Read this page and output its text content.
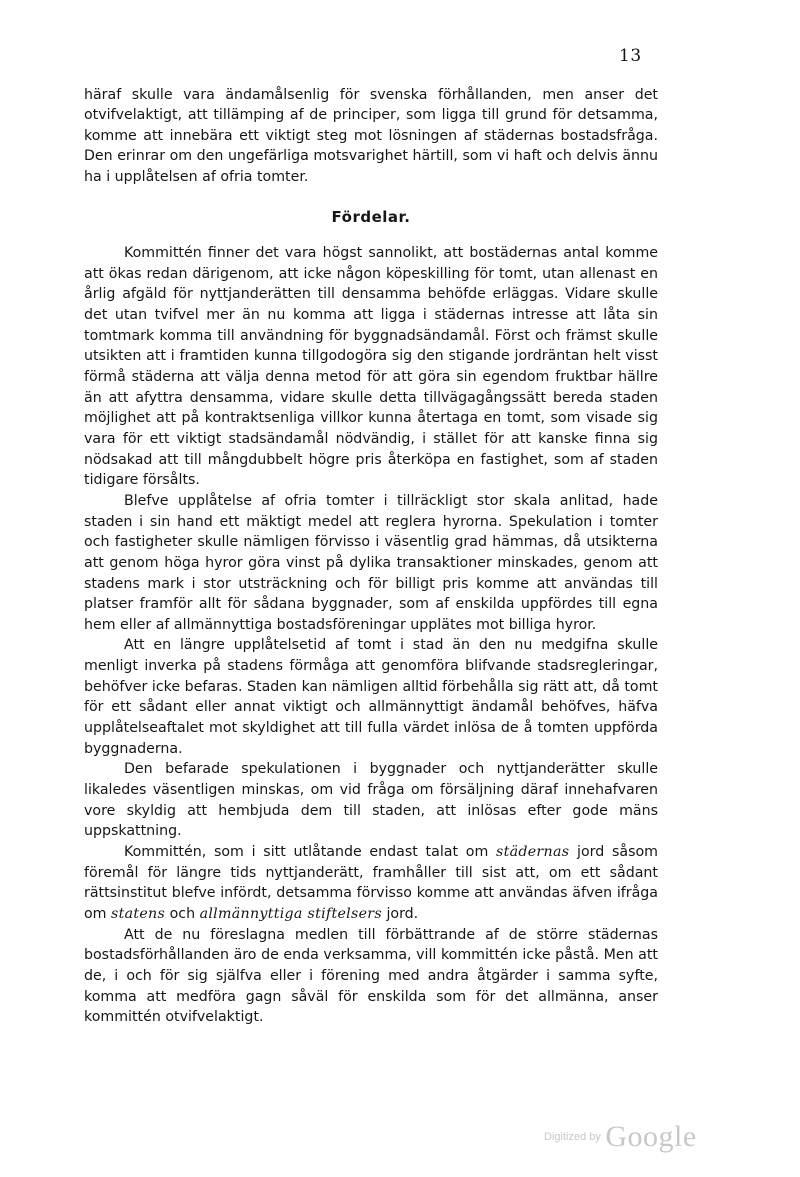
13

häraf skulle vara ändamålsenlig för svenska förhållanden, men anser det otvifvelaktigt, att tillämping af de principer, som ligga till grund för detsamma, komme att innebära ett viktigt steg mot lösningen af städernas bostadsfråga. Den erinrar om den ungefärliga motsvarighet härtill, som vi haft och delvis ännu ha i upplåtelsen af ofria tomter.

Fördelar.

Kommittén finner det vara högst sannolikt, att bostädernas antal komme att ökas redan därigenom, att icke någon köpeskilling för tomt, utan allenast en årlig afgäld för nyttjanderätten till densamma behöfde erläggas. Vidare skulle det utan tvifvel mer än nu komma att ligga i städernas intresse att låta sin tomtmark komma till användning för byggnadsändamål. Först och främst skulle utsikten att i framtiden kunna tillgodogöra sig den stigande jordräntan helt visst förmå städerna att välja denna metod för att göra sin egendom fruktbar hällre än att afyttra densamma, vidare skulle detta tillvägagångssätt bereda staden möjlighet att på kontraktsenliga villkor kunna återtaga en tomt, som visade sig vara för ett viktigt stadsändamål nödvändig, i stället för att kanske finna sig nödsakad att till mångdubbelt högre pris återköpa en fastighet, som af staden tidigare försålts.

Blefve upplåtelse af ofria tomter i tillräckligt stor skala anlitad, hade staden i sin hand ett mäktigt medel att reglera hyrorna. Spekulation i tomter och fastigheter skulle nämligen förvisso i väsentlig grad hämmas, då utsikterna att genom höga hyror göra vinst på dylika transaktioner minskades, genom att stadens mark i stor utsträckning och för billigt pris komme att användas till platser framför allt för sådana byggnader, som af enskilda uppfördes till egna hem eller af allmännyttiga bostadsföreningar upplätes mot billiga hyror.

Att en längre upplåtelsetid af tomt i stad än den nu medgifna skulle menligt inverka på stadens förmåga att genomföra blifvande stadsregleringar, behöfver icke befaras. Staden kan nämligen alltid förbehålla sig rätt att, då tomt för ett sådant eller annat viktigt och allmännyttigt ändamål behöfves, häfva upplåtelseaftalet mot skyldighet att till fulla värdet inlösa de å tomten uppförda byggnaderna.

Den befarade spekulationen i byggnader och nyttjanderätter skulle likaledes väsentligen minskas, om vid fråga om försäljning däraf innehafvaren vore skyldig att hembjuda dem till staden, att inlösas efter gode mäns uppskattning.

Kommittén, som i sitt utlåtande endast talat om städernas jord såsom föremål för längre tids nyttjanderätt, framhåller till sist att, om ett sådant rättsinstitut blefve infördt, detsamma förvisso komme att användas äfven ifråga om statens och allmännyttiga stiftelsers jord.

Att de nu föreslagna medlen till förbättrande af de större städernas bostadsförhållanden äro de enda verksamma, vill kommittén icke påstå. Men att de, i och för sig själfva eller i förening med andra åtgärder i samma syfte, komma att medföra gagn såväl för enskilda som för det allmänna, anser kommittén otvifvelaktigt.

Digitized by Google
